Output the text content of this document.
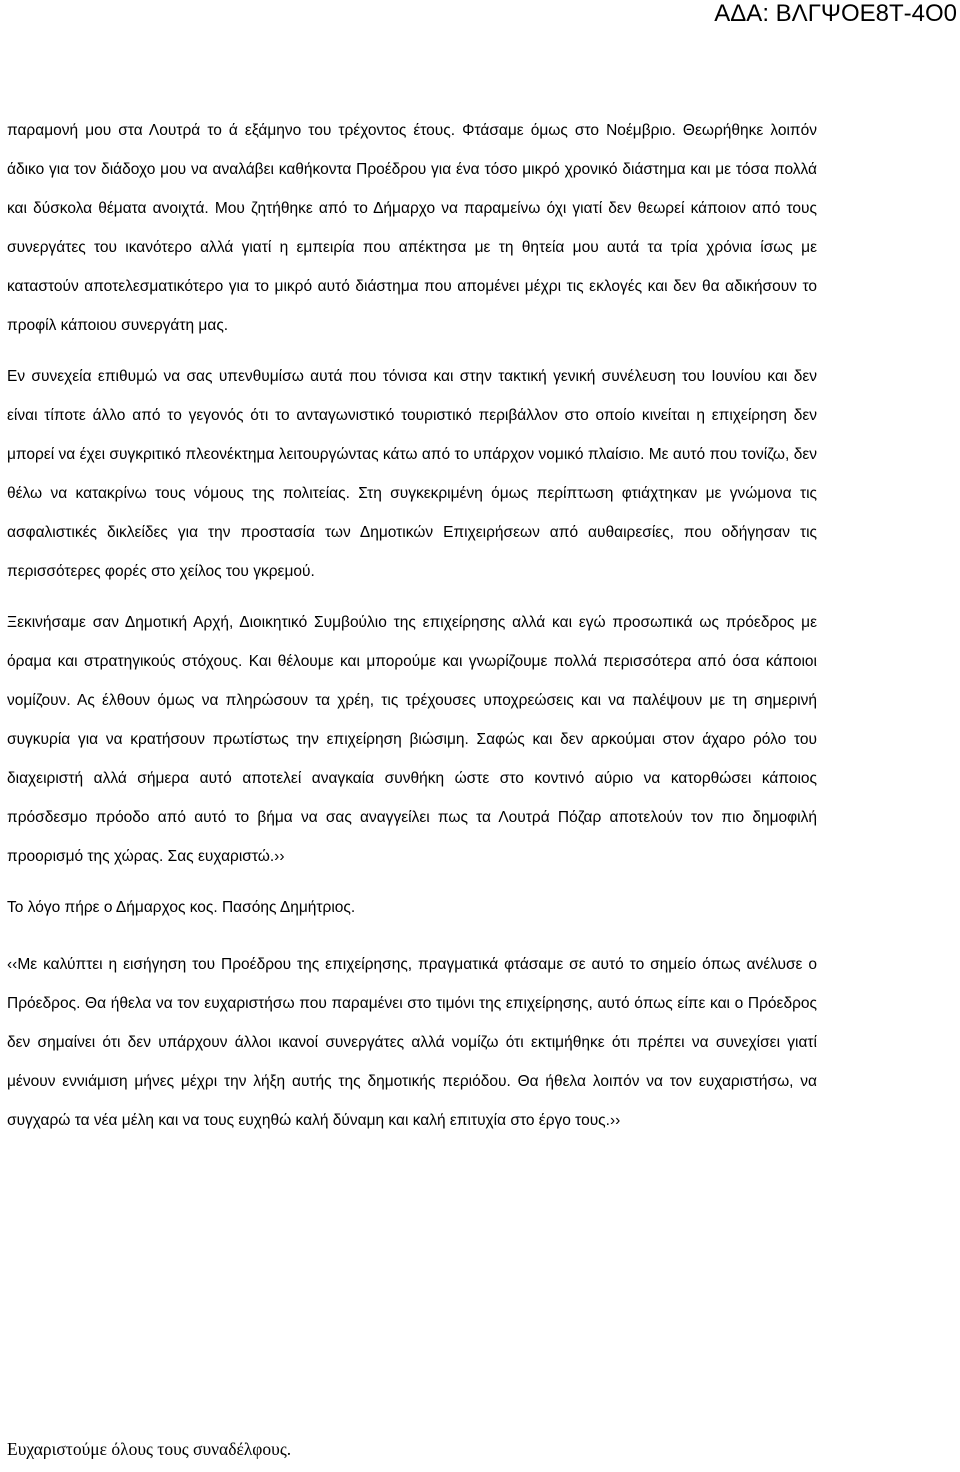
ΑΔΑ: ΒΛΓΨΟΕ8Τ-4Ο0

παραμονή μου στα Λουτρά το ά εξάμηνο του τρέχοντος έτους. Φτάσαμε όμως στο Νοέμβριο. Θεωρήθηκε λοιπόν άδικο για τον διάδοχο μου να αναλάβει καθήκοντα Προέδρου για ένα τόσο μικρό χρονικό διάστημα και με τόσα πολλά και δύσκολα θέματα ανοιχτά. Μου ζητήθηκε από το Δήμαρχο να παραμείνω όχι γιατί δεν θεωρεί κάποιον από τους συνεργάτες του ικανότερο αλλά γιατί η εμπειρία που απέκτησα με τη θητεία μου αυτά τα τρία χρόνια ίσως με καταστούν αποτελεσματικότερο για το μικρό αυτό διάστημα που απομένει μέχρι τις εκλογές και δεν θα αδικήσουν το προφίλ κάποιου συνεργάτη μας.

Εν συνεχεία επιθυμώ να σας υπενθυμίσω αυτά που τόνισα και στην τακτική γενική συνέλευση του Ιουνίου και δεν είναι τίποτε άλλο από το γεγονός ότι το ανταγωνιστικό τουριστικό περιβάλλον στο οποίο κινείται η επιχείρηση δεν μπορεί να έχει συγκριτικό πλεονέκτημα λειτουργώντας κάτω από το υπάρχον νομικό πλαίσιο. Με αυτό που τονίζω, δεν θέλω να κατακρίνω τους νόμους της πολιτείας. Στη συγκεκριμένη όμως περίπτωση φτιάχτηκαν με γνώμονα τις ασφαλιστικές δικλείδες για την προστασία των Δημοτικών Επιχειρήσεων από αυθαιρεσίες, που οδήγησαν τις περισσότερες φορές στο χείλος του γκρεμού.

Ξεκινήσαμε σαν Δημοτική Αρχή, Διοικητικό Συμβούλιο της επιχείρησης αλλά και εγώ προσωπικά ως πρόεδρος με όραμα και στρατηγικούς στόχους. Και θέλουμε και μπορούμε και γνωρίζουμε πολλά περισσότερα από όσα κάποιοι νομίζουν. Ας έλθουν όμως να πληρώσουν τα χρέη, τις τρέχουσες υποχρεώσεις και να παλέψουν με τη σημερινή συγκυρία για να κρατήσουν πρωτίστως την επιχείρηση βιώσιμη. Σαφώς και δεν αρκούμαι στον άχαρο ρόλο του διαχειριστή αλλά σήμερα αυτό αποτελεί αναγκαία συνθήκη ώστε στο κοντινό αύριο να κατορθώσει κάποιος πρόσδεσμο πρόοδο από αυτό το βήμα να σας αναγγείλει πως τα Λουτρά Πόζαρ αποτελούν τον πιο δημοφιλή προορισμό της χώρας. Σας ευχαριστώ.››

Το λόγο πήρε ο Δήμαρχος κος. Πασόης Δημήτριος.

‹‹Με καλύπτει η εισήγηση του Προέδρου της επιχείρησης, πραγματικά φτάσαμε σε αυτό το σημείο όπως ανέλυσε ο Πρόεδρος. Θα ήθελα να τον ευχαριστήσω που παραμένει στο τιμόνι της επιχείρησης, αυτό όπως είπε και ο Πρόεδρος δεν σημαίνει ότι δεν υπάρχουν άλλοι ικανοί συνεργάτες αλλά νομίζω ότι εκτιμήθηκε ότι πρέπει να συνεχίσει γιατί μένουν εννιάμιση μήνες μέχρι την λήξη αυτής της δημοτικής περιόδου. Θα ήθελα λοιπόν να τον ευχαριστήσω, να συγχαρώ τα νέα μέλη και να τους ευχηθώ καλή δύναμη και καλή επιτυχία στο έργο τους.››

Ευχαριστούμε όλους τους συναδέλφους.
